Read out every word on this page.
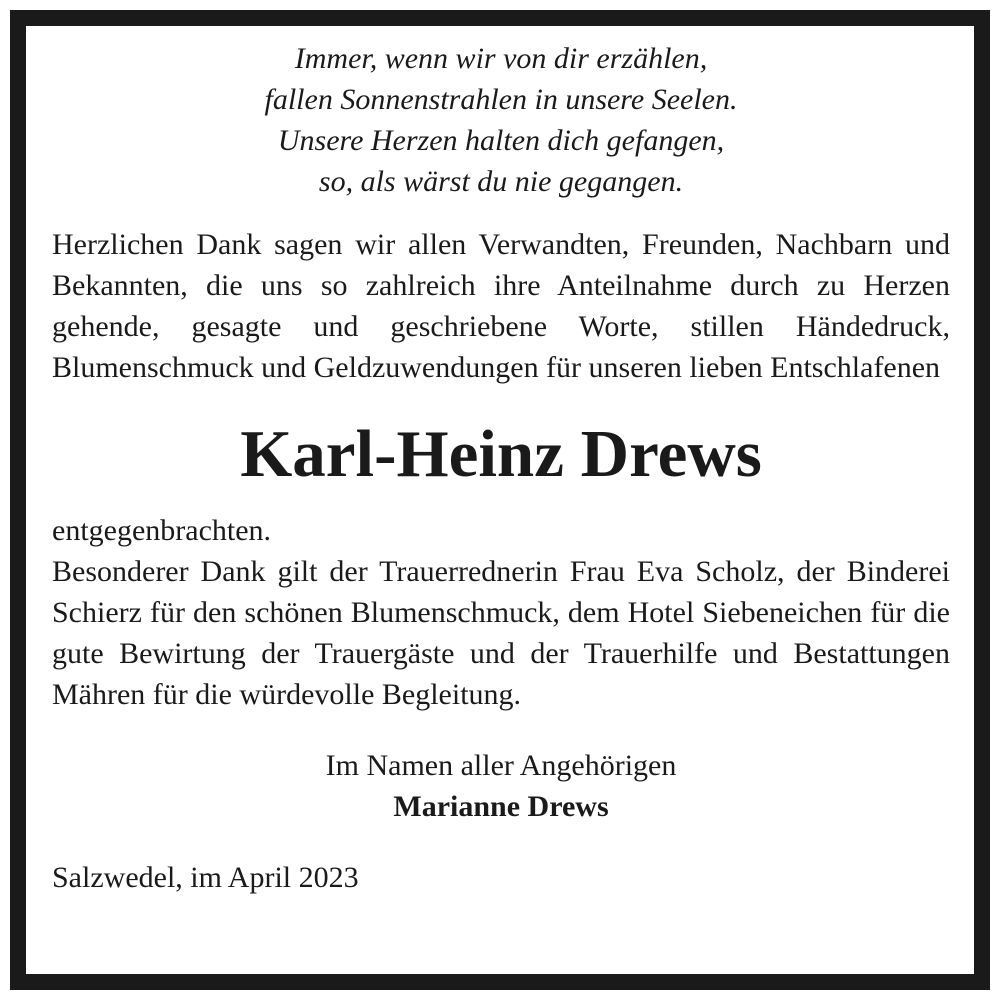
Immer, wenn wir von dir erzählen,
fallen Sonnenstrahlen in unsere Seelen.
Unsere Herzen halten dich gefangen,
so, als wärst du nie gegangen.

Herzlichen Dank sagen wir allen Verwandten, Freunden, Nachbarn und Bekannten, die uns so zahlreich ihre Anteilnahme durch zu Herzen gehende, gesagte und geschriebene Worte, stillen Händedruck, Blumenschmuck und Geldzuwendungen für unseren lieben Entschlafenen

Karl-Heinz Drews

entgegenbrachten.

Besonderer Dank gilt der Trauerrednerin Frau Eva Scholz, der Binderei Schierz für den schönen Blumenschmuck, dem Hotel Siebeneichen für die gute Bewirtung der Trauergäste und der Trauerhilfe und Bestattungen Mähren für die würdevolle Begleitung.

Im Namen aller Angehörigen
Marianne Drews
Salzwedel, im April 2023
